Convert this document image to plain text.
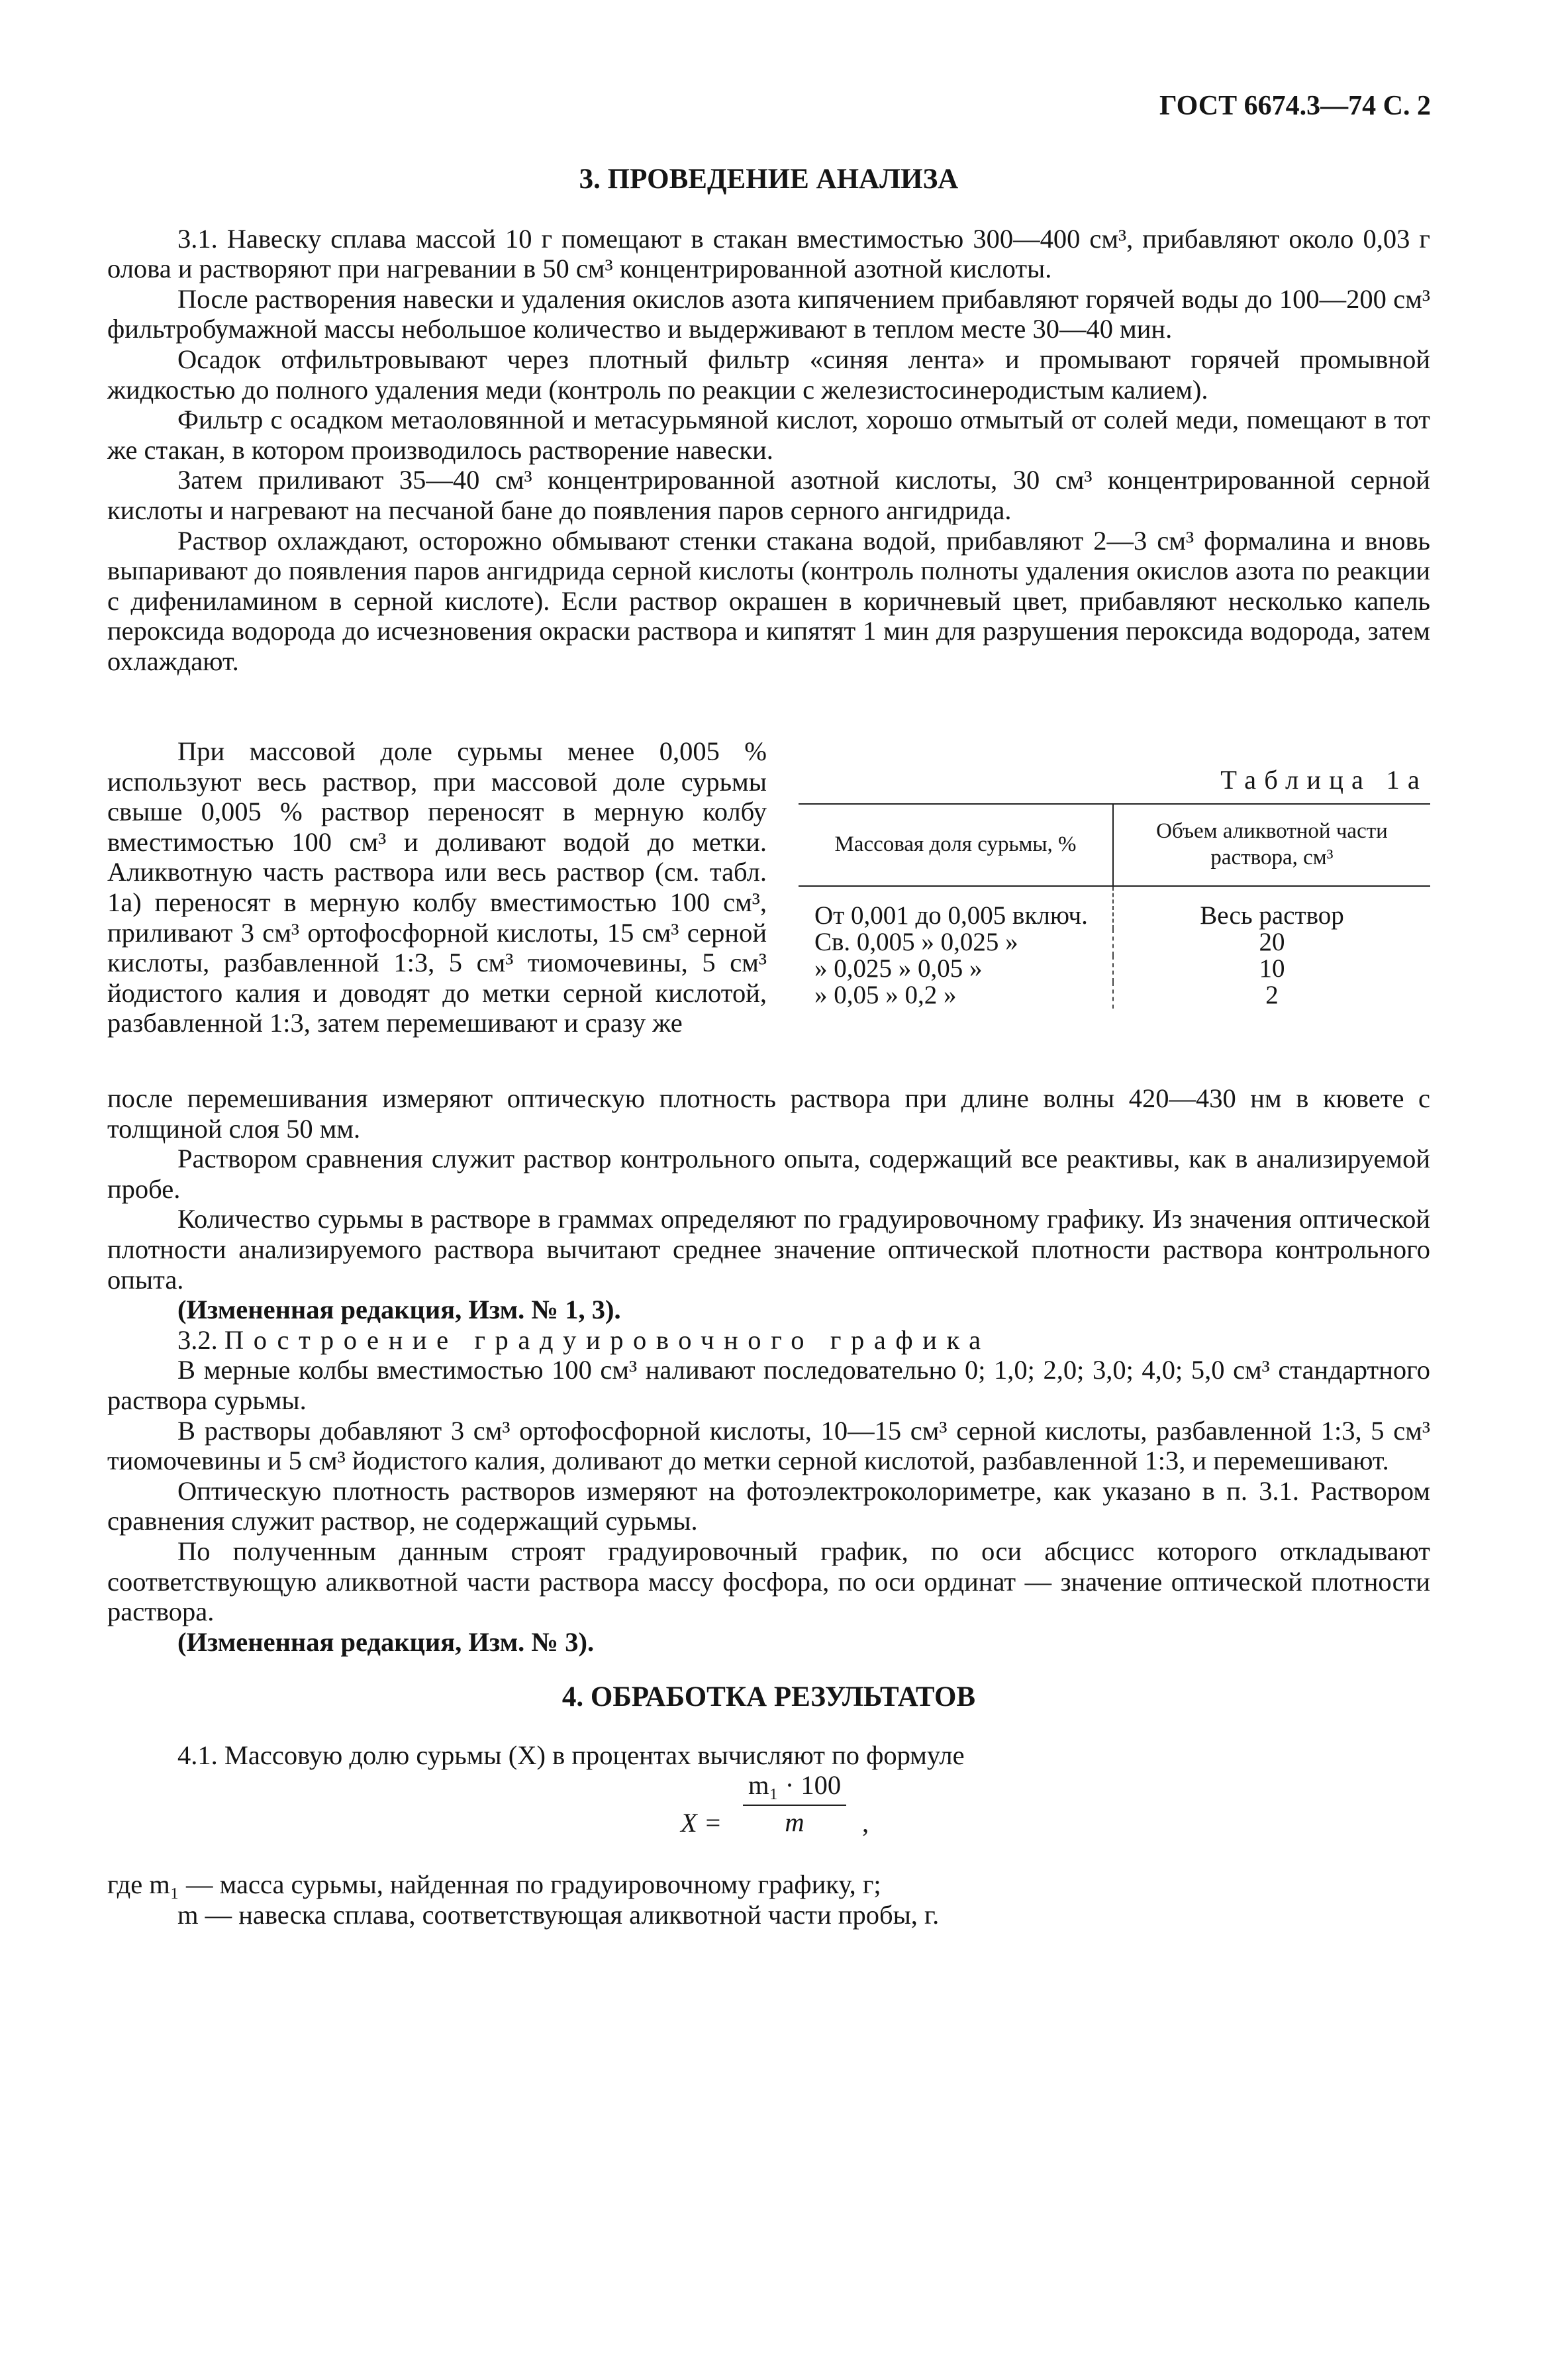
ГОСТ 6674.3—74 С. 2
3. ПРОВЕДЕНИЕ АНАЛИЗА

3.1. Навеску сплава массой 10 г помещают в стакан вместимостью 300—400 см³, прибавляют около 0,03 г олова и растворяют при нагревании в 50 см³ концентрированной азотной кислоты.

После растворения навески и удаления окислов азота кипячением прибавляют горячей воды до 100—200 см³ фильтробумажной массы небольшое количество и выдерживают в теплом месте 30—40 мин.

Осадок отфильтровывают через плотный фильтр «синяя лента» и промывают горячей промывной жидкостью до полного удаления меди (контроль по реакции с железистосинеродистым калием).

Фильтр с осадком метаоловянной и метасурьмяной кислот, хорошо отмытый от солей меди, помещают в тот же стакан, в котором производилось растворение навески.

Затем приливают 35—40 см³ концентрированной азотной кислоты, 30 см³ концентрированной серной кислоты и нагревают на песчаной бане до появления паров серного ангидрида.

Раствор охлаждают, осторожно обмывают стенки стакана водой, прибавляют 2—3 см³ формалина и вновь выпаривают до появления паров ангидрида серной кислоты (контроль полноты удаления окислов азота по реакции с дифениламином в серной кислоте). Если раствор окрашен в коричневый цвет, прибавляют несколько капель пероксида водорода до исчезновения окраски раствора и кипятят 1 мин для разрушения пероксида водорода, затем охлаждают.

При массовой доле сурьмы менее 0,005 % используют весь раствор, при массовой доле сурьмы свыше 0,005 % раствор переносят в мерную колбу вместимостью 100 см³ и доливают водой до метки. Аликвотную часть раствора или весь раствор (см. табл. 1а) переносят в мерную колбу вместимостью 100 см³, приливают 3 см³ ортофосфорной кислоты, 15 см³ серной кислоты, разбавленной 1:3, 5 см³ тиомочевины, 5 см³ йодистого калия и доводят до метки серной кислотой, разбавленной 1:3, затем перемешивают и сразу же

Таблица 1а
Массовая доля сурьмы, %	Объем аликвотной части раствора, см³
От 0,001 до 0,005 включ.	Весь раствор
Св. 0,005 » 0,025 »	20
» 0,025 » 0,05 »	10
» 0,05 » 0,2 »	2

после перемешивания измеряют оптическую плотность раствора при длине волны 420—430 нм в кювете с толщиной слоя 50 мм.

Раствором сравнения служит раствор контрольного опыта, содержащий все реактивы, как в анализируемой пробе.

Количество сурьмы в растворе в граммах определяют по градуировочному графику. Из значения оптической плотности анализируемого раствора вычитают среднее значение оптической плотности раствора контрольного опыта.

(Измененная редакция, Изм. № 1, 3).

3.2. Построение градуировочного графика

В мерные колбы вместимостью 100 см³ наливают последовательно 0; 1,0; 2,0; 3,0; 4,0; 5,0 см³ стандартного раствора сурьмы.

В растворы добавляют 3 см³ ортофосфорной кислоты, 10—15 см³ серной кислоты, разбавленной 1:3, 5 см³ тиомочевины и 5 см³ йодистого калия, доливают до метки серной кислотой, разбавленной 1:3, и перемешивают.

Оптическую плотность растворов измеряют на фотоэлектроколориметре, как указано в п. 3.1. Раствором сравнения служит раствор, не содержащий сурьмы.

По полученным данным строят градуировочный график, по оси абсцисс которого откладывают соответствующую аликвотной части раствора массу фосфора, по оси ординат — значение оптической плотности раствора.

(Измененная редакция, Изм. № 3).

4. ОБРАБОТКА РЕЗУЛЬТАТОВ

4.1. Массовую долю сурьмы (X) в процентах вычисляют по формуле

$X = \frac{\text{m₁ · 100}}{m}$ ,

где m₁ — масса сурьмы, найденная по градуировочному графику, г;

m — навеска сплава, соответствующая аликвотной части пробы, г.
